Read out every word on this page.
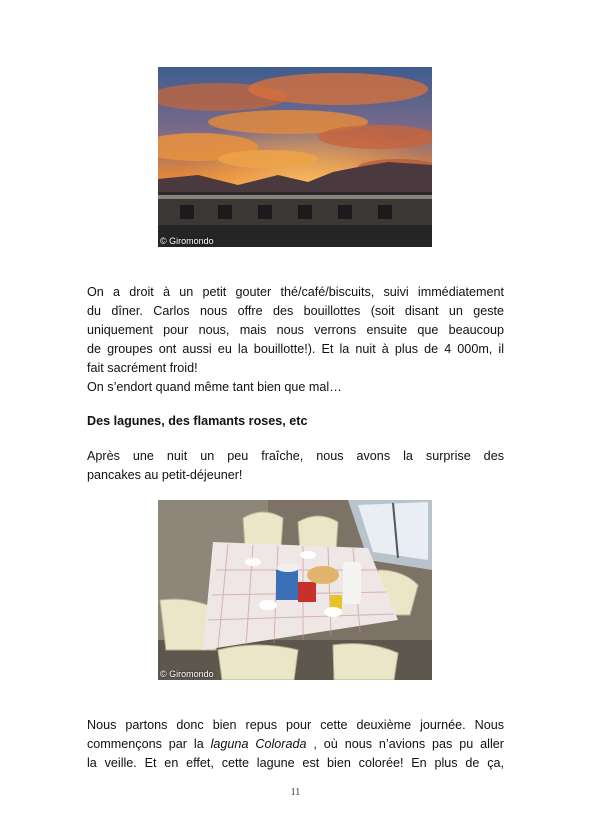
© Giromondo
On a droit à un petit gouter thé/café/biscuits, suivi immédiatement
du dîner. Carlos nous offre des bouillottes (soit disant un geste
uniquement pour nous, mais nous verrons ensuite que beaucoup
de groupes ont aussi eu la bouillotte!). Et la nuit à plus de 4 000m, il
fait sacrément froid!
On s’endort quand même tant bien que mal…

Des lagunes, des flamants roses, etc

Après une nuit un peu fraîche, nous avons la surprise des
pancakes au petit-déjeuner!
© Giromondo
Nous partons donc bien repus pour cette deuxième journée. Nous
commençons par la laguna Colorada , où nous n’avions pas pu aller
la veille. Et en effet, cette lagune est bien colorée! En plus de ça,
11
